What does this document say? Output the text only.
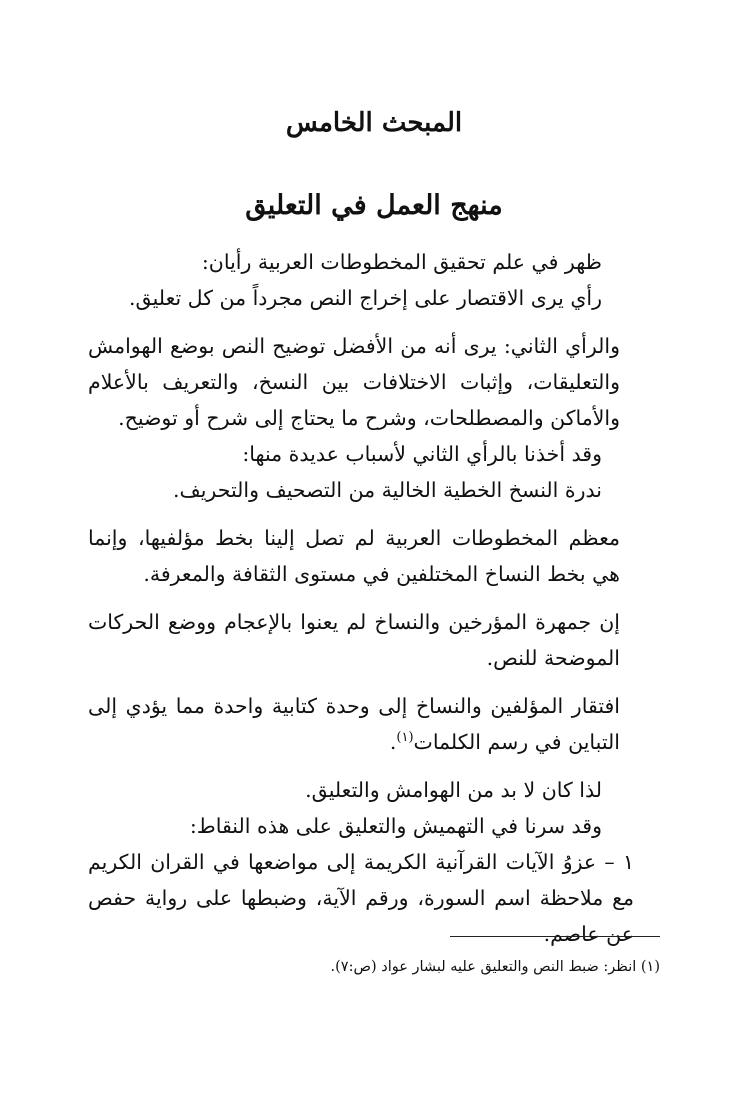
المبحث الخامس
منهج العمل في التعليق

ظهر في علم تحقيق المخطوطات العربية رأيان:

رأي يرى الاقتصار على إخراج النص مجرداً من كل تعليق.

والرأي الثاني: يرى أنه من الأفضل توضيح النص بوضع الهوامش والتعليقات، وإثبات الاختلافات بين النسخ، والتعريف بالأعلام والأماكن والمصطلحات، وشرح ما يحتاج إلى شرح أو توضيح.

وقد أخذنا بالرأي الثاني لأسباب عديدة منها:

ندرة النسخ الخطية الخالية من التصحيف والتحريف.

معظم المخطوطات العربية لم تصل إلينا بخط مؤلفيها، وإنما هي بخط النساخ المختلفين في مستوى الثقافة والمعرفة.

إن جمهرة المؤرخين والنساخ لم يعنوا بالإعجام ووضع الحركات الموضحة للنص.

افتقار المؤلفين والنساخ إلى وحدة كتابية واحدة مما يؤدي إلى التباين في رسم الكلمات$^{(١)}$.

لذا كان لا بد من الهوامش والتعليق.

وقد سرنا في التهميش والتعليق على هذه النقاط:

١ – عزوُ الآيات القرآنية الكريمة إلى مواضعها في القران الكريم مع ملاحظة اسم السورة، ورقم الآية، وضبطها على رواية حفص عن عاصم.

(١) انظر: ضبط النص والتعليق عليه لبشار عواد (ص:٧).
